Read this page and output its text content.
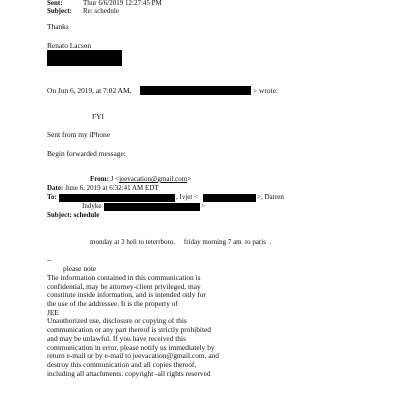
Sent:	Thur 6/6/2019 12:27:45 PM
Subject: Re: schedule
Thanks
Renato Lacson
On Jun 6, 2019, at 7:02 AM,	> wrote:
FYI
Sent from my iPhone
Begin forwarded message:
From: J <jeevacation@gmail.com>
Date: June 6, 2019 at 6:32:41 AM EDT
To:	, Ivjet <	>, Darren
Indyke	>
Subject: schedule
monday at 3 heli to teterrboro.     friday morning 7 am  to paris  .
--
please note
The information contained in this communication is
confidential, may be attorney-client privileged, may
constitute inside information, and is intended only for
the use of the addressee. It is the property of
JEE
Unauthorized use, disclosure or copying of this
communication or any part thereof is strictly prohibited
and may be unlawful. If you have received this
communication in error, please notify us immediately by
return e-mail or by e-mail to jeevacation@gmail.com, and
destroy this communication and all copies thereof,
including all attachments. copyright -all rights reserved
